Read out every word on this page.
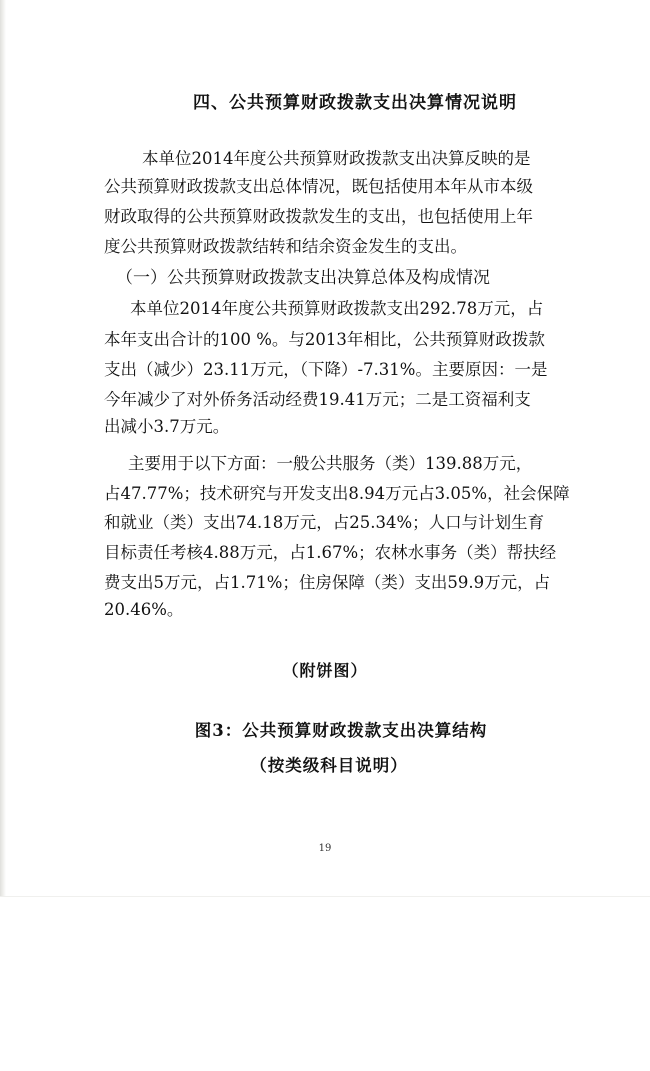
四、公共预算财政拨款支出决算情况说明
本单位2014年度公共预算财政拨款支出决算反映的是
公共预算财政拨款支出总体情况，既包括使用本年从市本级
财政取得的公共预算财政拨款发生的支出，也包括使用上年
度公共预算财政拨款结转和结余资金发生的支出。
（一）公共预算财政拨款支出决算总体及构成情况
本单位2014年度公共预算财政拨款支出292.78万元，占
本年支出合计的100 %。与2013年相比，公共预算财政拨款
支出（减少）23.11万元，（下降）-7.31%。主要原因：一是
今年减少了对外侨务活动经费19.41万元；二是工资福利支
出减小3.7万元。
主要用于以下方面：一般公共服务（类）139.88万元，
占47.77%；技术研究与开发支出8.94万元占3.05%，社会保障
和就业（类）支出74.18万元，占25.34%；人口与计划生育
目标责任考核4.88万元，占1.67%；农林水事务（类）帮扶经
费支出5万元，占1.71%；住房保障（类）支出59.9万元，占
20.46%。
（附饼图）
图3：公共预算财政拨款支出决算结构
（按类级科目说明）
19
